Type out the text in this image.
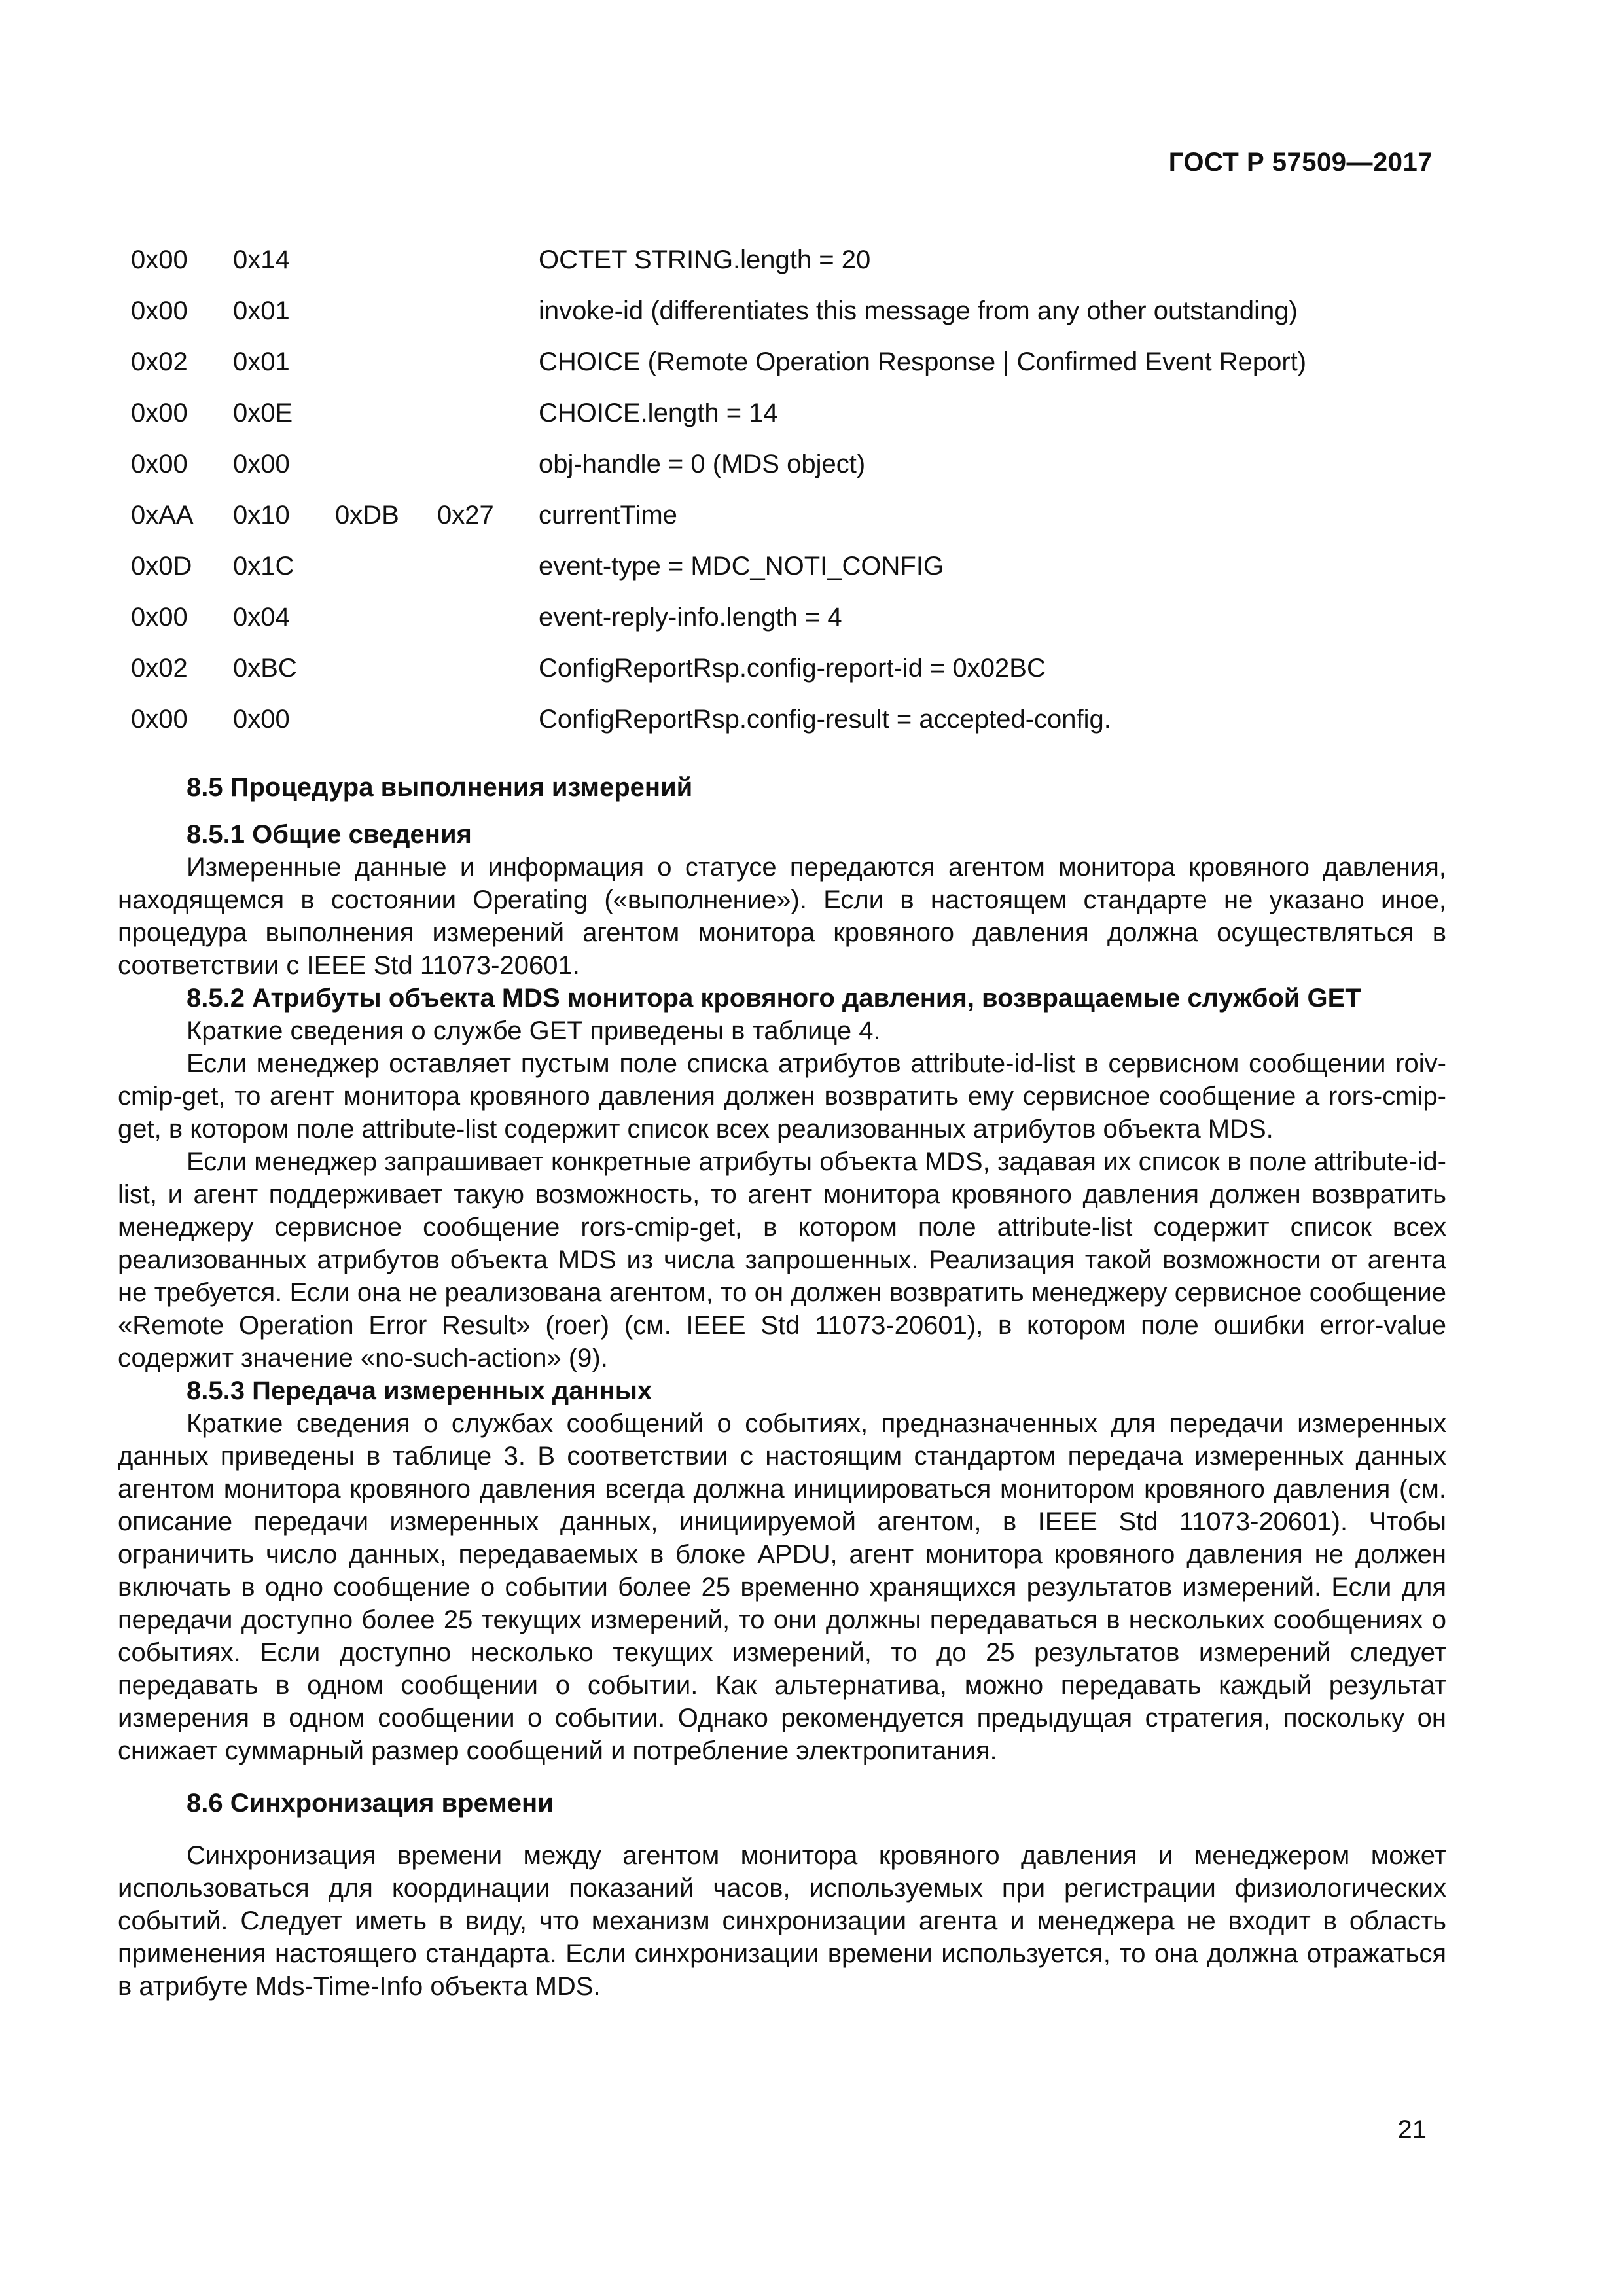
ГОСТ Р 57509—2017
0x00	0x14	OCTET STRING.length = 20
0x00	0x01	invoke-id (differentiates this message from any other outstanding)
0x02	0x01	CHOICE (Remote Operation Response | Confirmed Event Report)
0x00	0x0E	CHOICE.length = 14
0x00	0x00	obj-handle = 0 (MDS object)
0xAA	0x10	0xDB	0x27	currentTime
0x0D	0x1C	event-type = MDC_NOTI_CONFIG
0x00	0x04	event-reply-info.length = 4
0x02	0xBC	ConfigReportRsp.config-report-id = 0x02BC
0x00	0x00	ConfigReportRsp.config-result = accepted-config.

8.5 Процедура выполнения измерений

8.5.1 Общие сведения

Измеренные данные и информация о статусе передаются агентом монитора кровяного давления, находящемся в состоянии Operating («выполнение»). Если в настоящем стандарте не указано иное, процедура выполнения измерений агентом монитора кровяного давления должна осуществляться в соответствии с IEEE Std 11073-20601.

8.5.2 Атрибуты объекта MDS монитора кровяного давления, возвращаемые службой GET

Краткие сведения о службе GET приведены в таблице 4.

Если менеджер оставляет пустым поле списка атрибутов attribute-id-list в сервисном сообщении roiv-cmip-get, то агент монитора кровяного давления должен возвратить ему сервисное сообщение a rors-cmip-get, в котором поле attribute-list содержит список всех реализованных атрибутов объекта MDS.

Если менеджер запрашивает конкретные атрибуты объекта MDS, задавая их список в поле attribute-id-list, и агент поддерживает такую возможность, то агент монитора кровяного давления должен возвратить менеджеру сервисное сообщение rors-cmip-get, в котором поле attribute-list содержит список всех реализованных атрибутов объекта MDS из числа запрошенных. Реализация такой возможности от агента не требуется. Если она не реализована агентом, то он должен возвратить менеджеру сервисное сообщение «Remote Operation Error Result» (roer) (см. IEEE Std 11073-20601), в котором поле ошибки error-value содержит значение «no-such-action» (9).

8.5.3 Передача измеренных данных

Краткие сведения о службах сообщений о событиях, предназначенных для передачи измеренных данных приведены в таблице 3. В соответствии с настоящим стандартом передача измеренных данных агентом монитора кровяного давления всегда должна инициироваться монитором кровяного давления (см. описание передачи измеренных данных, инициируемой агентом, в IEEE Std 11073-20601). Чтобы ограничить число данных, передаваемых в блоке APDU, агент монитора кровяного давления не должен включать в одно сообщение о событии более 25 временно хранящихся результатов измерений. Если для передачи доступно более 25 текущих измерений, то они должны передаваться в нескольких сообщениях о событиях. Если доступно несколько текущих измерений, то до 25 результатов измерений следует передавать в одном сообщении о событии. Как альтернатива, можно передавать каждый результат измерения в одном сообщении о событии. Однако рекомендуется предыдущая стратегия, поскольку он снижает суммарный размер сообщений и потребление электропитания.

8.6 Синхронизация времени

Синхронизация времени между агентом монитора кровяного давления и менеджером может использоваться для координации показаний часов, используемых при регистрации физиологических событий. Следует иметь в виду, что механизм синхронизации агента и менеджера не входит в область применения настоящего стандарта. Если синхронизации времени используется, то она должна отражаться в атрибуте Mds-Time-Info объекта MDS.

21
